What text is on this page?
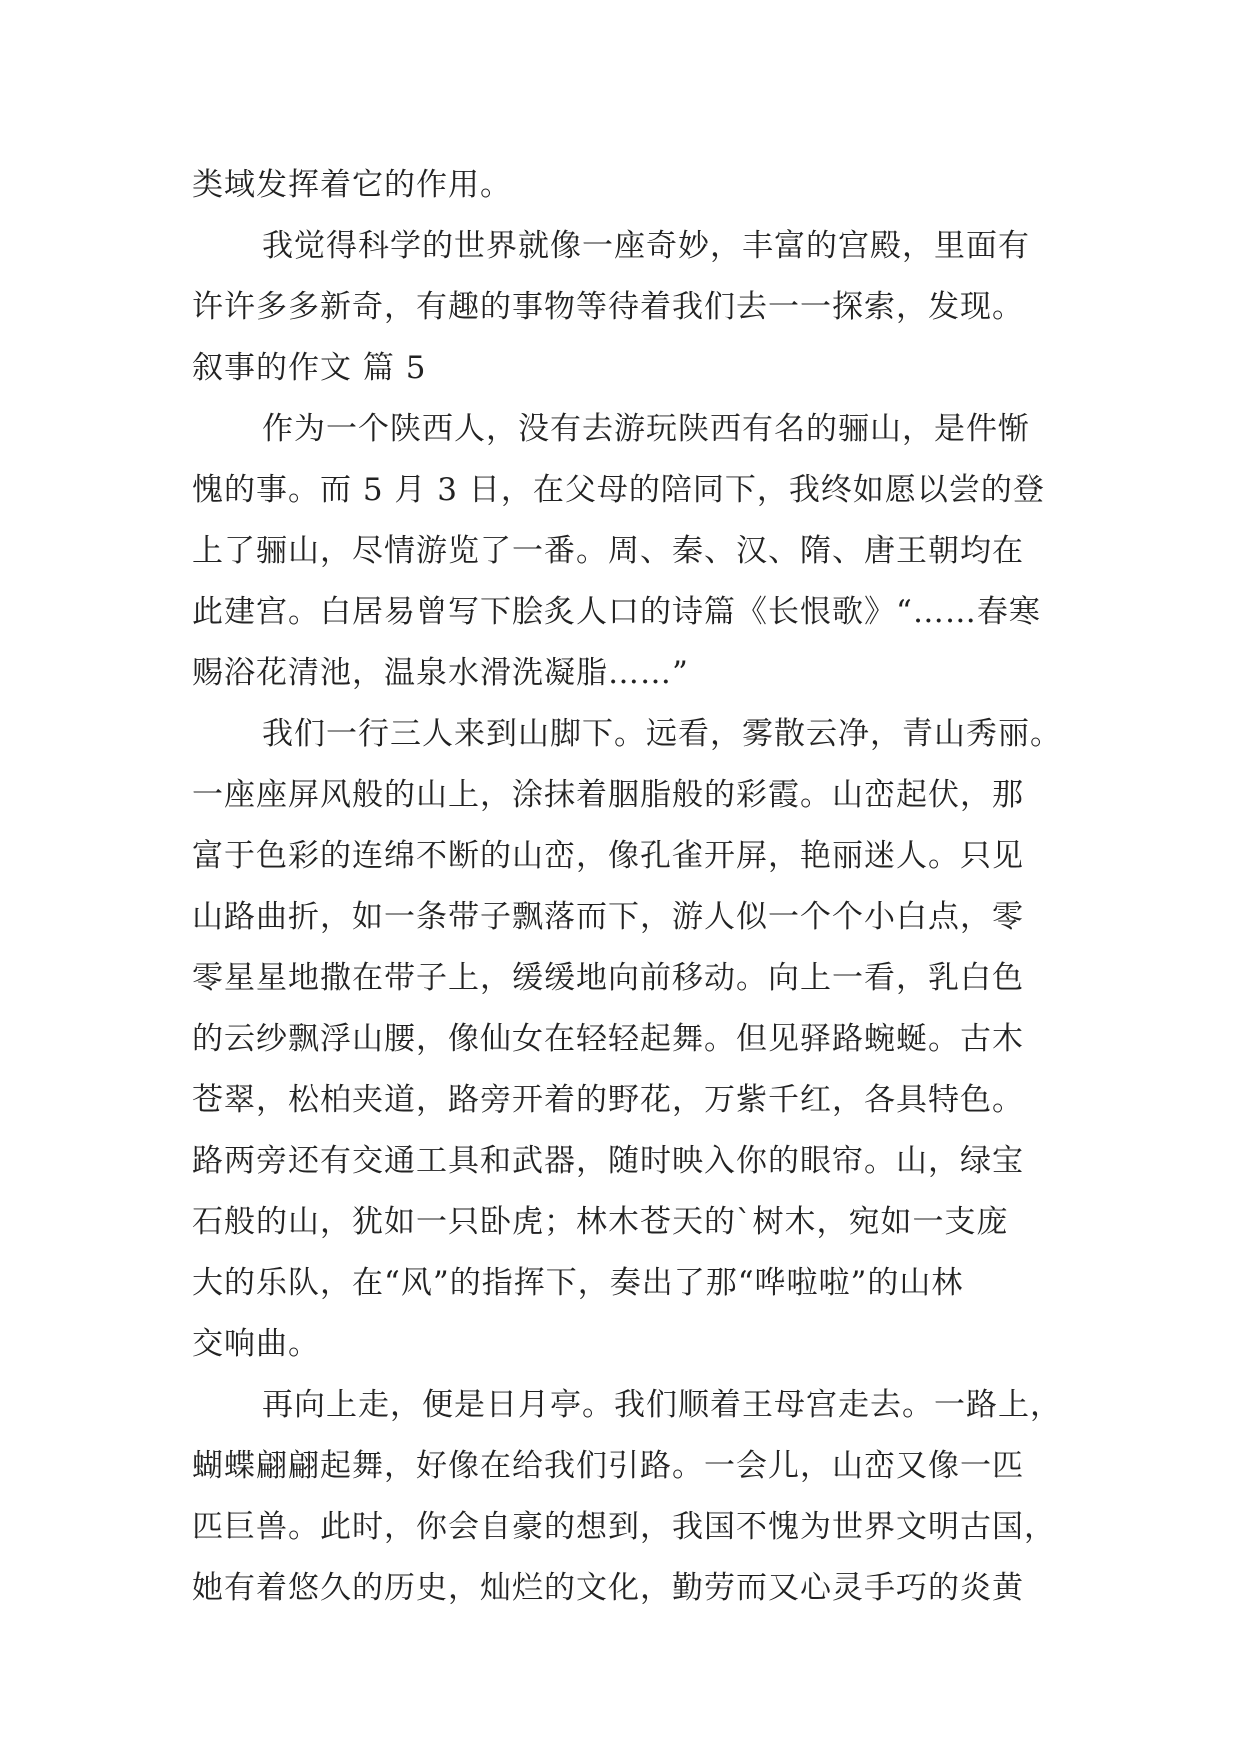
类域发挥着它的作用。
我觉得科学的世界就像一座奇妙，丰富的宫殿，里面有
许许多多新奇，有趣的事物等待着我们去一一探索，发现。
叙事的作文 篇 5
作为一个陕西人，没有去游玩陕西有名的骊山，是件惭
愧的事。而 5 月 3 日，在父母的陪同下，我终如愿以尝的登
上了骊山，尽情游览了一番。周、秦、汉、隋、唐王朝均在
此建宫。白居易曾写下脍炙人口的诗篇《长恨歌》“……春寒
赐浴花清池，温泉水滑洗凝脂……”
我们一行三人来到山脚下。远看，雾散云净，青山秀丽。
一座座屏风般的山上，涂抹着胭脂般的彩霞。山峦起伏，那
富于色彩的连绵不断的山峦，像孔雀开屏，艳丽迷人。只见
山路曲折，如一条带子飘落而下，游人似一个个小白点，零
零星星地撒在带子上，缓缓地向前移动。向上一看，乳白色
的云纱飘浮山腰，像仙女在轻轻起舞。但见驿路蜿蜒。古木
苍翠，松柏夹道，路旁开着的野花，万紫千红，各具特色。
路两旁还有交通工具和武器，随时映入你的眼帘。山，绿宝
石般的山，犹如一只卧虎；林木苍天的`树木，宛如一支庞
大的乐队，在“风”的指挥下，奏出了那“哗啦啦”的山林
交响曲。
再向上走，便是日月亭。我们顺着王母宫走去。一路上，
蝴蝶翩翩起舞，好像在给我们引路。一会儿，山峦又像一匹
匹巨兽。此时，你会自豪的想到，我国不愧为世界文明古国，
她有着悠久的历史，灿烂的文化，勤劳而又心灵手巧的炎黄
